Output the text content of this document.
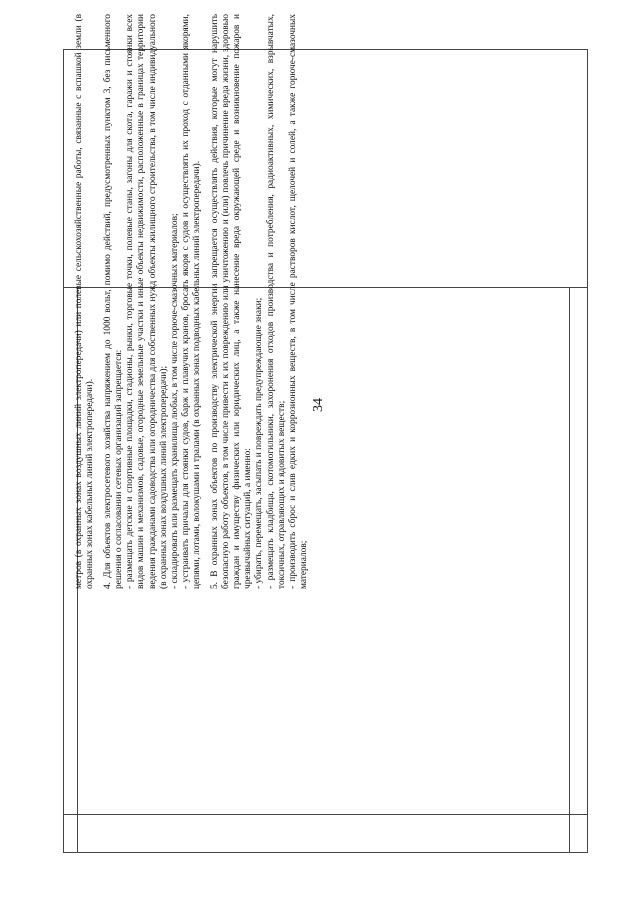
34

метров (в охранных зонах воздушных линий электропередачи) или полевые сельскохозяйственные работы, связанные с вспашкой земли (в охранных зонах кабельных линий электропередачи). 4. Для объектов электросетевого хозяйства напряжением до 1000 вольт, помимо действий, предусмотренных пунктом 3, без письменного решения о согласовании сетевых организаций запрещается: - размещать детские и спортивные площадки, стадионы, рынки, торговые точки, полевые станы, загоны для скота, гаражи и стоянки всех видов машин и механизмов, садовые, огородные земельные участки и иные объекты недвижимости, расположенные в границах территории ведения гражданами садоводства или огородничества для собственных нужд объекты жилищного строительства, в том числе индивидуального (в охранных зонах воздушных линий электропередачи); - складировать или размещать хранилища любых, в том числе горюче-смазочных материалов; - устраивать причалы для стоянки судов, барж и плавучих кранов, бросать якоря с судов и осуществлять их проход с отданными якорями, цепями, лотами, волокушами и тралами (в охранных зонах подводных кабельных линий электропередачи). 5. В охранных зонах объектов по производству электрической энергии запрещается осуществлять действия, которые могут нарушить безопасную работу объектов, в том числе привести к их повреждению или уничтожению и (или) повлечь причинение вреда жизни, здоровью граждан и имуществу физических или юридических лиц, а также нанесение вреда окружающей среде и возникновение пожаров и чрезвычайных ситуаций, а именно: - убирать, перемещать, засыпать и повреждать предупреждающие знаки; - размещать кладбища, скотомогильники, захоронения отходов производства и потребления, радиоактивных, химических, взрывчатых, токсичных, отравляющих и ядовитых веществ; - производить сброс и слив едких и коррозионных веществ, в том числе растворов кислот, щелочей и солей, а также горюче-смазочных материалов;
